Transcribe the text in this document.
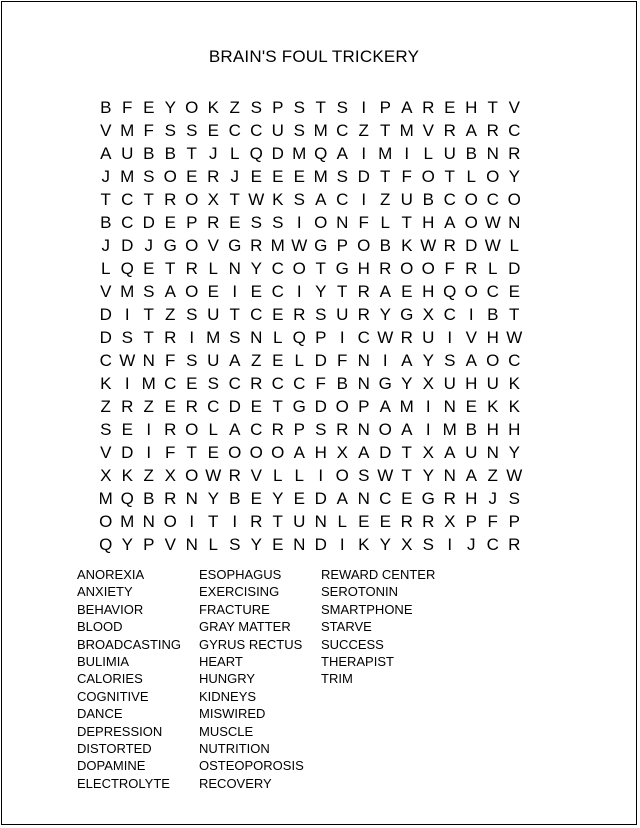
BRAIN'S FOUL TRICKERY
B F E Y O K Z S P S T S I P A R E H T V
V M F S S E C C U S M C Z T M V R A R C
A U B B T J L Q D M Q A I M I L U B N R
J M S O E R J E E E M S D T F O T L O Y
T C T R O X T W K S A C I Z U B C O C O
B C D E P R E S S I O N F L T H A O W N
J D J G O V G R M W G P O B K W R D W L
L Q E T R L N Y C O T G H R O O F R L D
V M S A O E I E C I Y T R A E H Q O C E
D I T Z S U T C E R S U R Y G X C I B T
D S T R I M S N L Q P I C W R U I V H W
C W N F S U A Z E L D F N I A Y S A O C
K I M C E S C R C C F B N G Y X U H U K
Z R Z E R C D E T G D O P A M I N E K K
S E I R O L A C R P S R N O A I M B H H
V D I F T E O O O A H X A D T X A U N Y
X K Z X O W R V L L I O S W T Y N A Z W
M Q B R N Y B E Y E D A N C E G R H J S
O M N O I T I R T U N L E E R R X P F P
Q Y P V N L S Y E N D I K Y X S I J C R
ANOREXIA
ANXIETY
BEHAVIOR
BLOOD
BROADCASTING
BULIMIA
CALORIES
COGNITIVE
DANCE
DEPRESSION
DISTORTED
DOPAMINE
ELECTROLYTE
ESOPHAGUS
EXERCISING
FRACTURE
GRAY MATTER
GYRUS RECTUS
HEART
HUNGRY
KIDNEYS
MISWIRED
MUSCLE
NUTRITION
OSTEOPOROSIS
RECOVERY
REWARD CENTER
SEROTONIN
SMARTPHONE
STARVE
SUCCESS
THERAPIST
TRIM
